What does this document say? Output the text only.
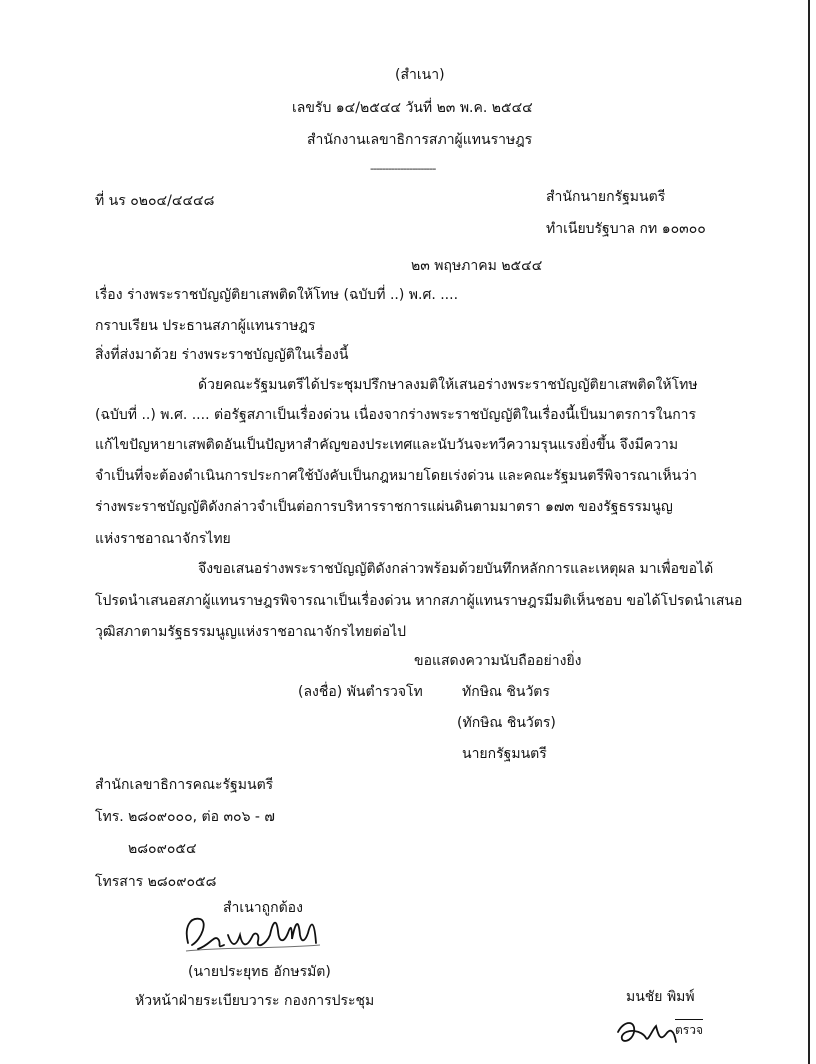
(สำเนา)
เลขรับ ๑๔/๒๕๔๔ วันที่ ๒๓ พ.ค. ๒๕๔๔
สำนักงานเลขาธิการสภาผู้แทนราษฎร
----------------------
ที่ นร ๐๒๐๔/๔๔๔๘	สำนักนายกรัฐมนตรี
ทำเนียบรัฐบาล กท ๑๐๓๐๐
๒๓ พฤษภาคม ๒๕๔๔
เรื่อง ร่างพระราชบัญญัติยาเสพติดให้โทษ (ฉบับที่ ..) พ.ศ. ....
กราบเรียน ประธานสภาผู้แทนราษฎร
สิ่งที่ส่งมาด้วย ร่างพระราชบัญญัติในเรื่องนี้
ด้วยคณะรัฐมนตรีได้ประชุมปรึกษาลงมติให้เสนอร่างพระราชบัญญัติยาเสพติดให้โทษ
(ฉบับที่ ..) พ.ศ. .... ต่อรัฐสภาเป็นเรื่องด่วน เนื่องจากร่างพระราชบัญญัติในเรื่องนี้เป็นมาตรการในการ
แก้ไขปัญหายาเสพติดอันเป็นปัญหาสำคัญของประเทศและนับวันจะทวีความรุนแรงยิ่งขึ้น จึงมีความ
จำเป็นที่จะต้องดำเนินการประกาศใช้บังคับเป็นกฎหมายโดยเร่งด่วน และคณะรัฐมนตรีพิจารณาเห็นว่า
ร่างพระราชบัญญัติดังกล่าวจำเป็นต่อการบริหารราชการแผ่นดินตามมาตรา ๑๗๓ ของรัฐธรรมนูญ
แห่งราชอาณาจักรไทย
จึงขอเสนอร่างพระราชบัญญัติดังกล่าวพร้อมด้วยบันทึกหลักการและเหตุผล มาเพื่อขอได้
โปรดนำเสนอสภาผู้แทนราษฎรพิจารณาเป็นเรื่องด่วน หากสภาผู้แทนราษฎรมีมติเห็นชอบ ขอได้โปรดนำเสนอ
วุฒิสภาตามรัฐธรรมนูญแห่งราชอาณาจักรไทยต่อไป
ขอแสดงความนับถืออย่างยิ่ง
(ลงชื่อ) พันตำรวจโท	ทักษิณ ชินวัตร
(ทักษิณ ชินวัตร)
นายกรัฐมนตรี
สำนักเลขาธิการคณะรัฐมนตรี
โทร. ๒๘๐๙๐๐๐, ต่อ ๓๐๖ - ๗
๒๘๐๙๐๕๔
โทรสาร ๒๘๐๙๐๕๘
สำเนาถูกต้อง
(นายประยุทธ อักษรมัต)
หัวหน้าฝ่ายระเบียบวาระ กองการประชุม	มนชัย พิมพ์
ตรวจ
